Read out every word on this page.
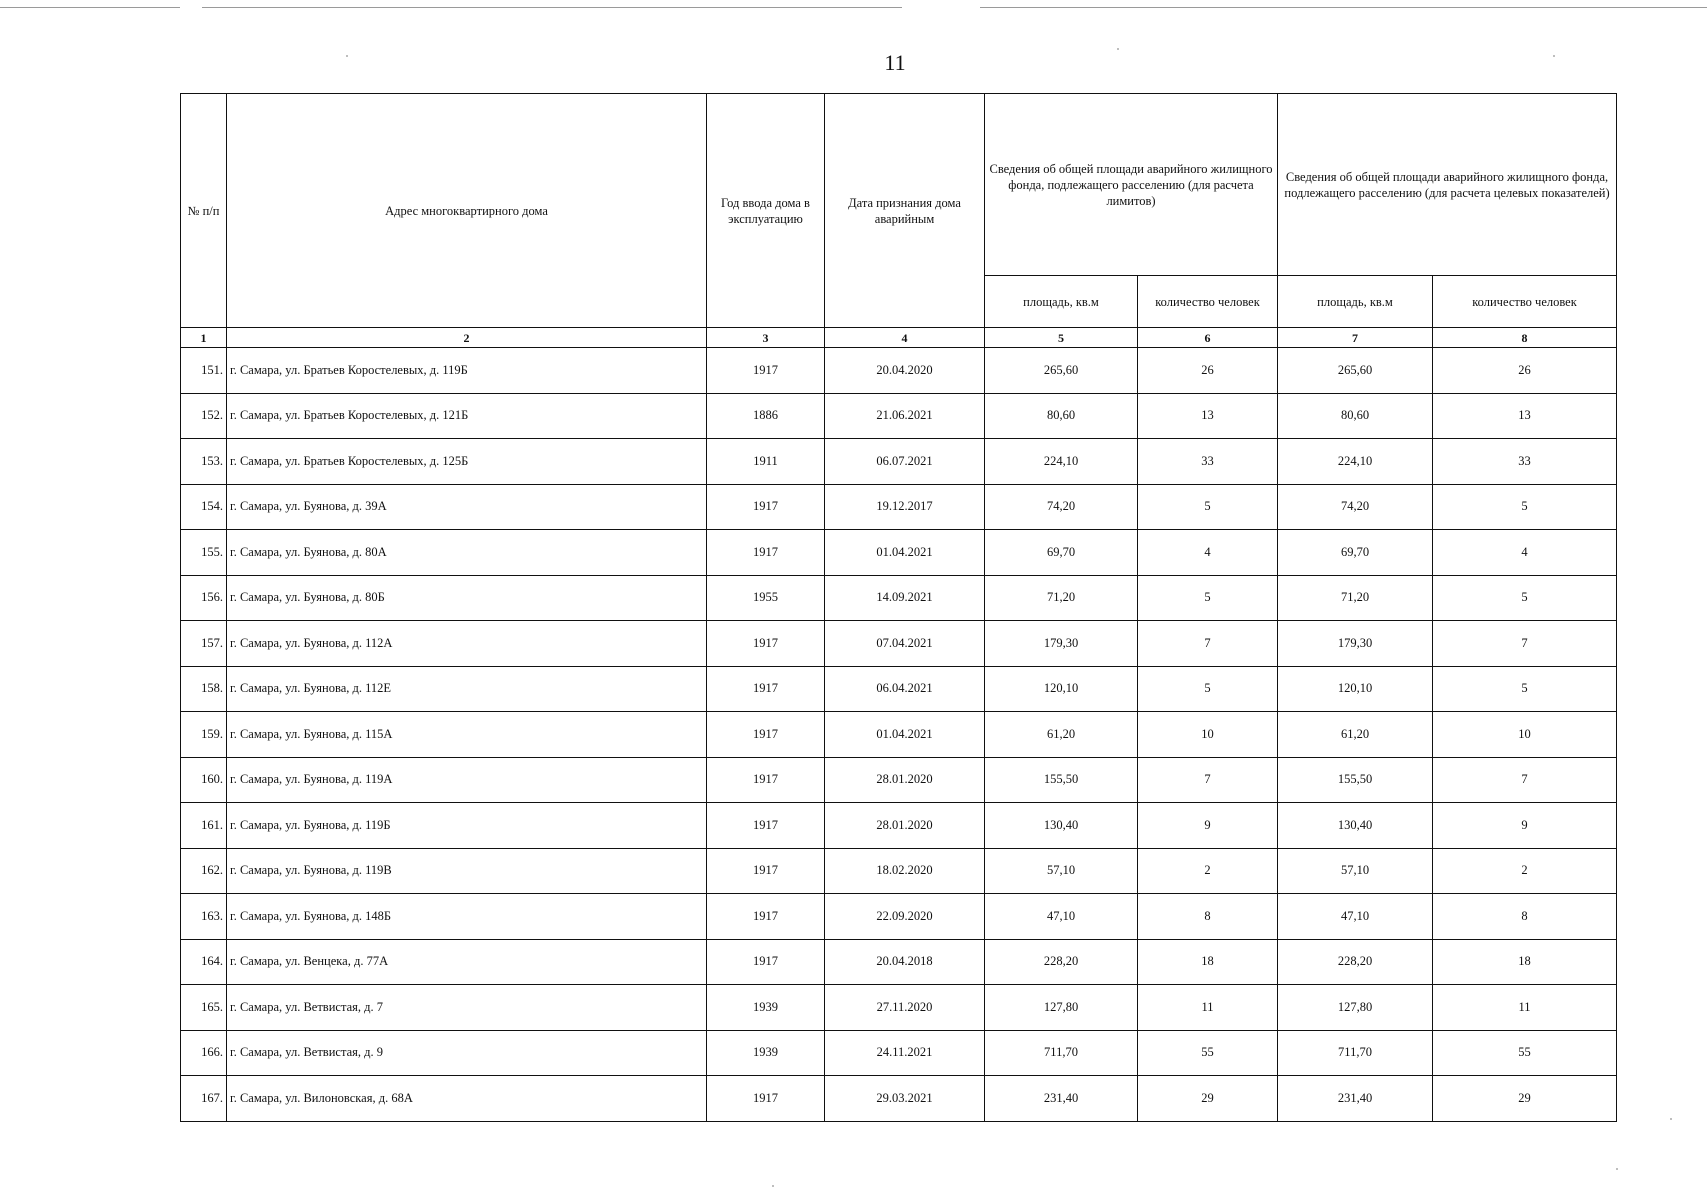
11
№ п/п	Адрес многоквартирного дома	Год ввода дома в эксплуатацию	Дата признания дома аварийным	Сведения об общей площади аварийного жилищного фонда, подлежащего расселению (для расчета лимитов)		Сведения об общей площади аварийного жилищного фонда, подлежащего расселению (для расчета целевых показателей)	
				площадь, кв.м	количество человек	площадь, кв.м	количество человек
1	2	3	4	5	6	7	8
151.	г. Самара, ул. Братьев Коростелевых, д. 119Б	1917	20.04.2020	265,60	26	265,60	26
152.	г. Самара, ул. Братьев Коростелевых, д. 121Б	1886	21.06.2021	80,60	13	80,60	13
153.	г. Самара, ул. Братьев Коростелевых, д. 125Б	1911	06.07.2021	224,10	33	224,10	33
154.	г. Самара, ул. Буянова, д. 39А	1917	19.12.2017	74,20	5	74,20	5
155.	г. Самара, ул. Буянова, д. 80А	1917	01.04.2021	69,70	4	69,70	4
156.	г. Самара, ул. Буянова, д. 80Б	1955	14.09.2021	71,20	5	71,20	5
157.	г. Самара, ул. Буянова, д. 112А	1917	07.04.2021	179,30	7	179,30	7
158.	г. Самара, ул. Буянова, д. 112Е	1917	06.04.2021	120,10	5	120,10	5
159.	г. Самара, ул. Буянова, д. 115А	1917	01.04.2021	61,20	10	61,20	10
160.	г. Самара, ул. Буянова, д. 119А	1917	28.01.2020	155,50	7	155,50	7
161.	г. Самара, ул. Буянова, д. 119Б	1917	28.01.2020	130,40	9	130,40	9
162.	г. Самара, ул. Буянова, д. 119В	1917	18.02.2020	57,10	2	57,10	2
163.	г. Самара, ул. Буянова, д. 148Б	1917	22.09.2020	47,10	8	47,10	8
164.	г. Самара, ул. Венцека, д. 77А	1917	20.04.2018	228,20	18	228,20	18
165.	г. Самара, ул. Ветвистая, д. 7	1939	27.11.2020	127,80	11	127,80	11
166.	г. Самара, ул. Ветвистая, д. 9	1939	24.11.2021	711,70	55	711,70	55
167.	г. Самара, ул. Вилоновская, д. 68А	1917	29.03.2021	231,40	29	231,40	29
